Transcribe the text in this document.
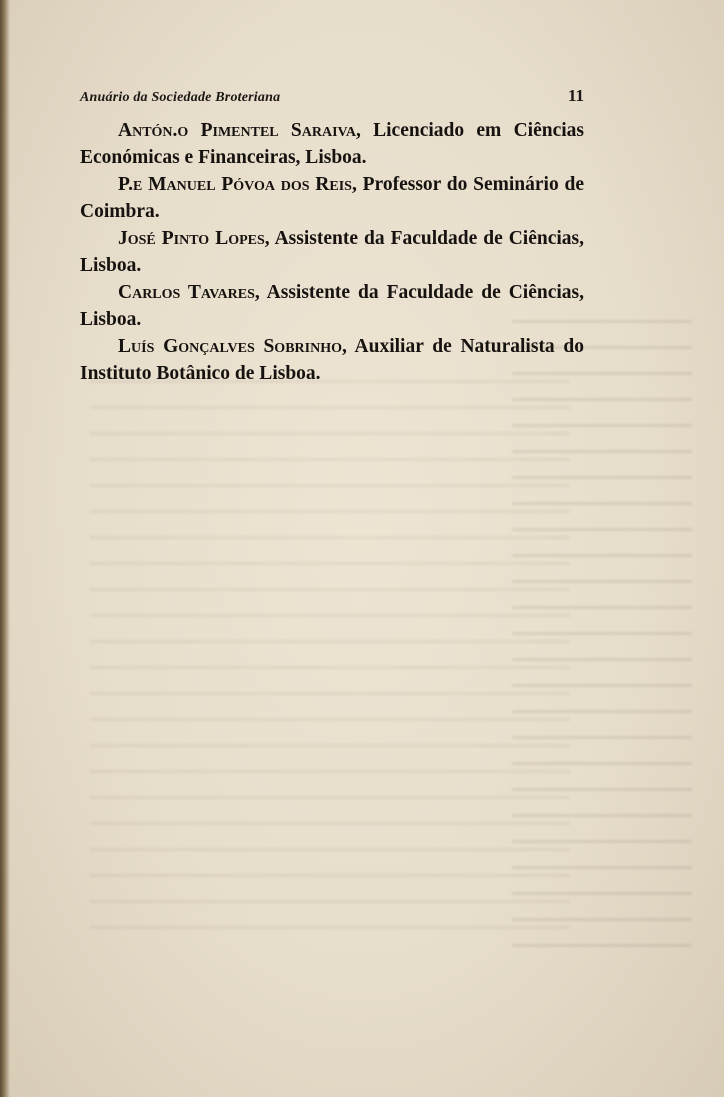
Anuário da Sociedade Broteriana	11

Antón.o Pimentel Saraiva, Licenciado em Ciências Económicas e Financeiras, Lisboa.

P.e Manuel Póvoa dos Reis, Professor do Seminário de Coimbra.

José Pinto Lopes, Assistente da Faculdade de Ciências, Lisboa.

Carlos Tavares, Assistente da Faculdade de Ciências, Lisboa.

Luís Gonçalves Sobrinho, Auxiliar de Naturalista do Instituto Botânico de Lisboa.
